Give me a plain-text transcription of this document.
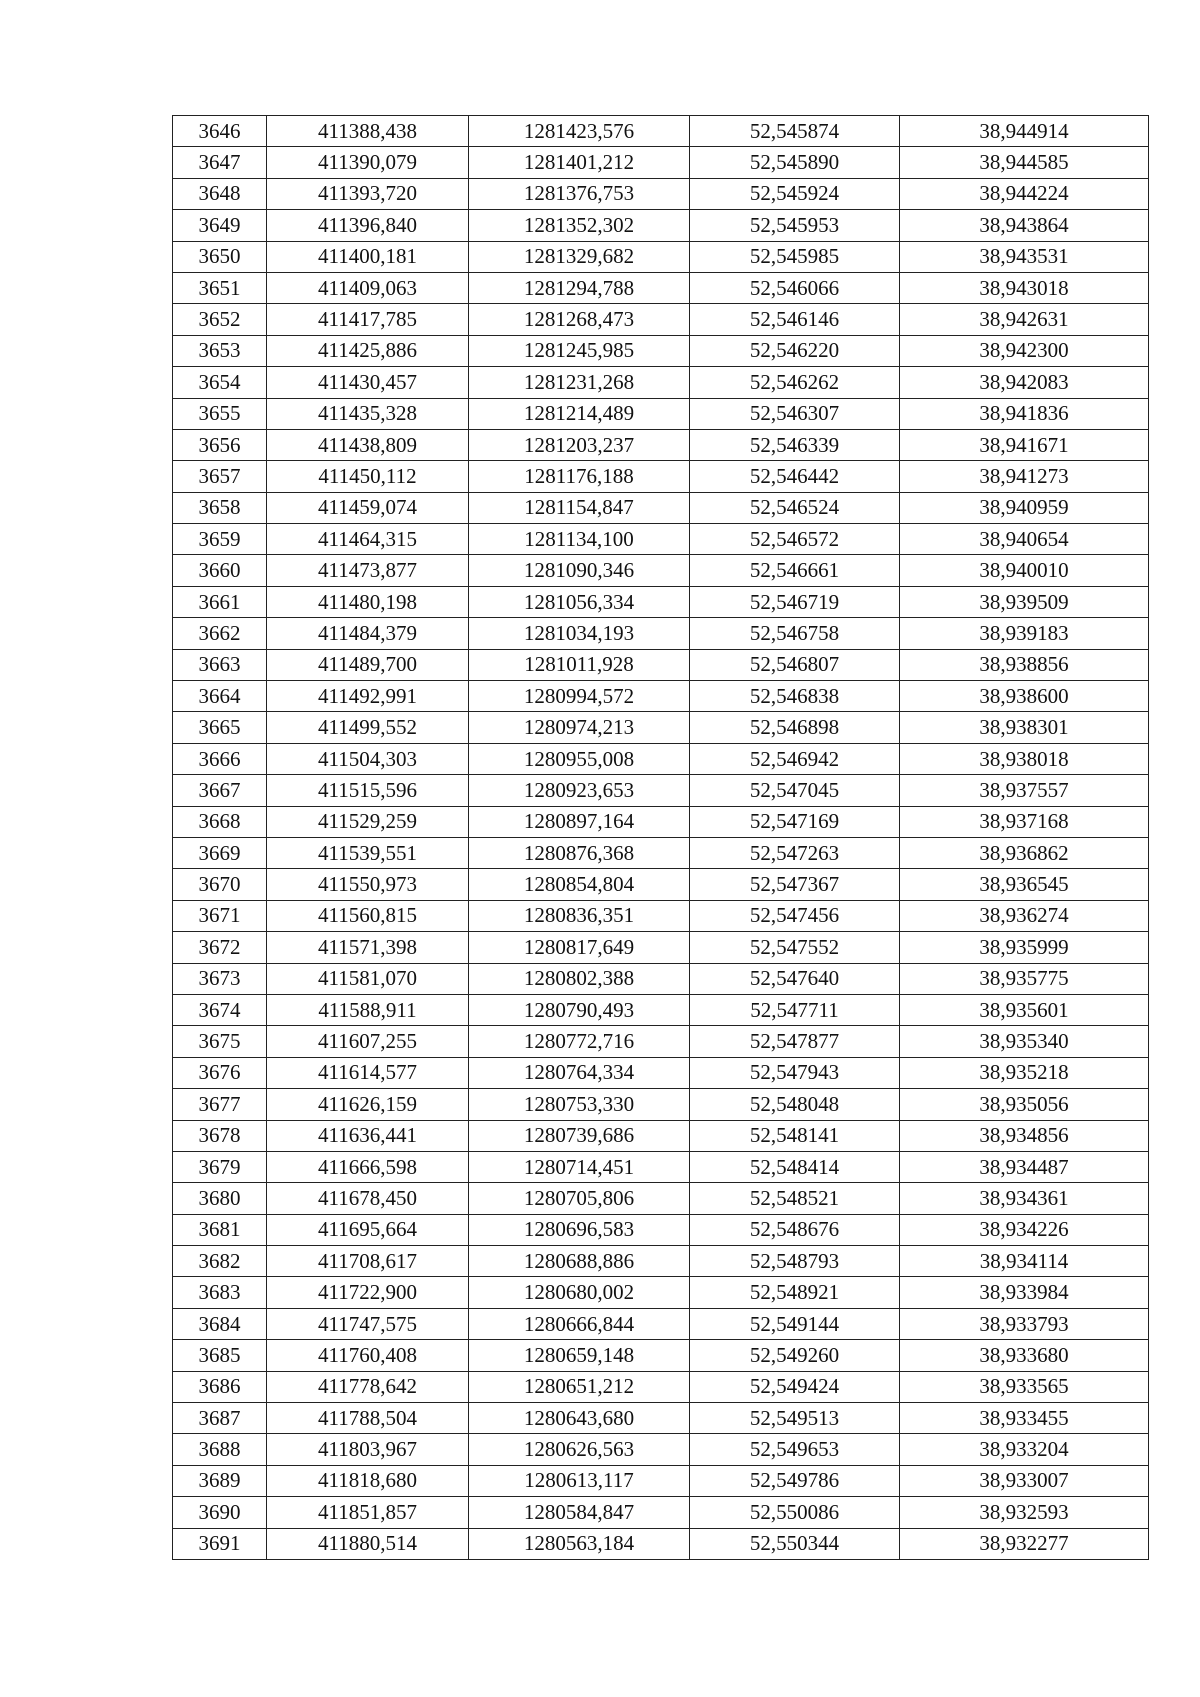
3646	411388,438	1281423,576	52,545874	38,944914
3647	411390,079	1281401,212	52,545890	38,944585
3648	411393,720	1281376,753	52,545924	38,944224
3649	411396,840	1281352,302	52,545953	38,943864
3650	411400,181	1281329,682	52,545985	38,943531
3651	411409,063	1281294,788	52,546066	38,943018
3652	411417,785	1281268,473	52,546146	38,942631
3653	411425,886	1281245,985	52,546220	38,942300
3654	411430,457	1281231,268	52,546262	38,942083
3655	411435,328	1281214,489	52,546307	38,941836
3656	411438,809	1281203,237	52,546339	38,941671
3657	411450,112	1281176,188	52,546442	38,941273
3658	411459,074	1281154,847	52,546524	38,940959
3659	411464,315	1281134,100	52,546572	38,940654
3660	411473,877	1281090,346	52,546661	38,940010
3661	411480,198	1281056,334	52,546719	38,939509
3662	411484,379	1281034,193	52,546758	38,939183
3663	411489,700	1281011,928	52,546807	38,938856
3664	411492,991	1280994,572	52,546838	38,938600
3665	411499,552	1280974,213	52,546898	38,938301
3666	411504,303	1280955,008	52,546942	38,938018
3667	411515,596	1280923,653	52,547045	38,937557
3668	411529,259	1280897,164	52,547169	38,937168
3669	411539,551	1280876,368	52,547263	38,936862
3670	411550,973	1280854,804	52,547367	38,936545
3671	411560,815	1280836,351	52,547456	38,936274
3672	411571,398	1280817,649	52,547552	38,935999
3673	411581,070	1280802,388	52,547640	38,935775
3674	411588,911	1280790,493	52,547711	38,935601
3675	411607,255	1280772,716	52,547877	38,935340
3676	411614,577	1280764,334	52,547943	38,935218
3677	411626,159	1280753,330	52,548048	38,935056
3678	411636,441	1280739,686	52,548141	38,934856
3679	411666,598	1280714,451	52,548414	38,934487
3680	411678,450	1280705,806	52,548521	38,934361
3681	411695,664	1280696,583	52,548676	38,934226
3682	411708,617	1280688,886	52,548793	38,934114
3683	411722,900	1280680,002	52,548921	38,933984
3684	411747,575	1280666,844	52,549144	38,933793
3685	411760,408	1280659,148	52,549260	38,933680
3686	411778,642	1280651,212	52,549424	38,933565
3687	411788,504	1280643,680	52,549513	38,933455
3688	411803,967	1280626,563	52,549653	38,933204
3689	411818,680	1280613,117	52,549786	38,933007
3690	411851,857	1280584,847	52,550086	38,932593
3691	411880,514	1280563,184	52,550344	38,932277
